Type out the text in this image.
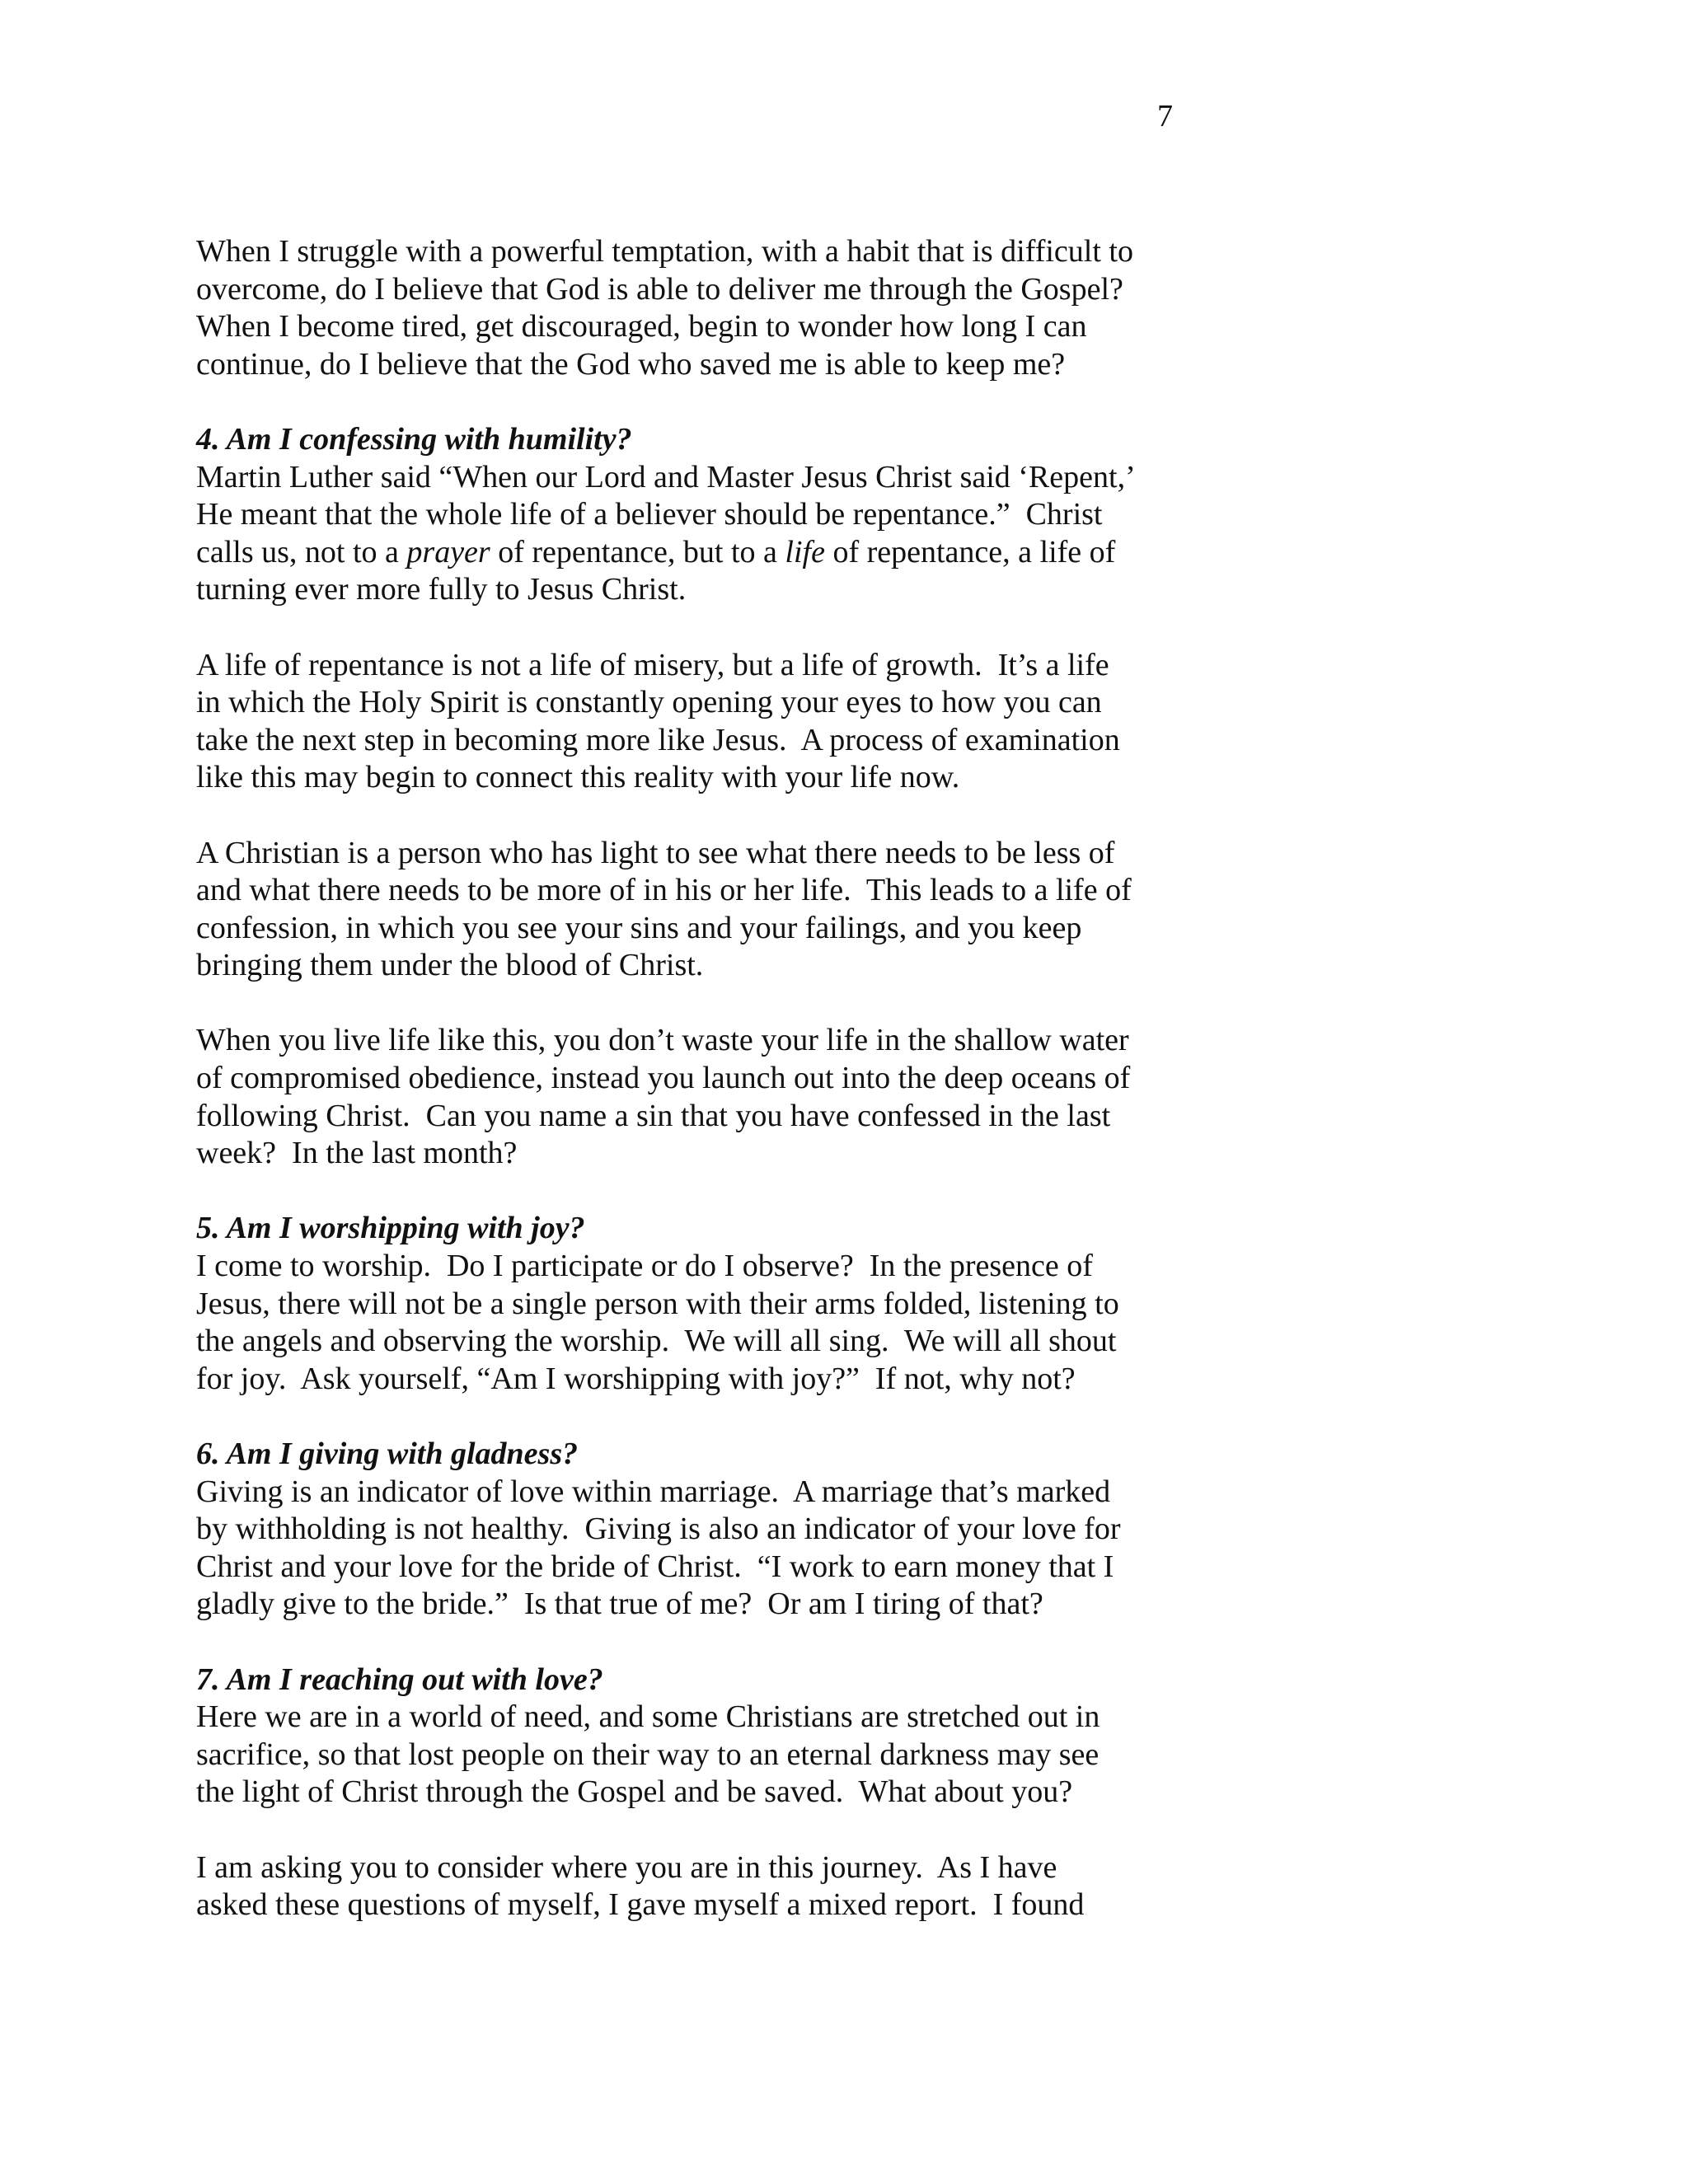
7
When I struggle with a powerful temptation, with a habit that is difficult to
overcome, do I believe that God is able to deliver me through the Gospel?
When I become tired, get discouraged, begin to wonder how long I can
continue, do I believe that the God who saved me is able to keep me?
4. Am I confessing with humility?
Martin Luther said “When our Lord and Master Jesus Christ said ‘Repent,’
He meant that the whole life of a believer should be repentance.”  Christ
calls us, not to a prayer of repentance, but to a life of repentance, a life of
turning ever more fully to Jesus Christ.
A life of repentance is not a life of misery, but a life of growth.  It’s a life
in which the Holy Spirit is constantly opening your eyes to how you can
take the next step in becoming more like Jesus.  A process of examination
like this may begin to connect this reality with your life now.
A Christian is a person who has light to see what there needs to be less of
and what there needs to be more of in his or her life.  This leads to a life of
confession, in which you see your sins and your failings, and you keep
bringing them under the blood of Christ.
When you live life like this, you don’t waste your life in the shallow water
of compromised obedience, instead you launch out into the deep oceans of
following Christ.  Can you name a sin that you have confessed in the last
week?  In the last month?
5. Am I worshipping with joy?
I come to worship.  Do I participate or do I observe?  In the presence of
Jesus, there will not be a single person with their arms folded, listening to
the angels and observing the worship.  We will all sing.  We will all shout
for joy.  Ask yourself, “Am I worshipping with joy?”  If not, why not?
6. Am I giving with gladness?
Giving is an indicator of love within marriage.  A marriage that’s marked
by withholding is not healthy.  Giving is also an indicator of your love for
Christ and your love for the bride of Christ.  “I work to earn money that I
gladly give to the bride.”  Is that true of me?  Or am I tiring of that?
7. Am I reaching out with love?
Here we are in a world of need, and some Christians are stretched out in
sacrifice, so that lost people on their way to an eternal darkness may see
the light of Christ through the Gospel and be saved.  What about you?
I am asking you to consider where you are in this journey.  As I have
asked these questions of myself, I gave myself a mixed report.  I found
